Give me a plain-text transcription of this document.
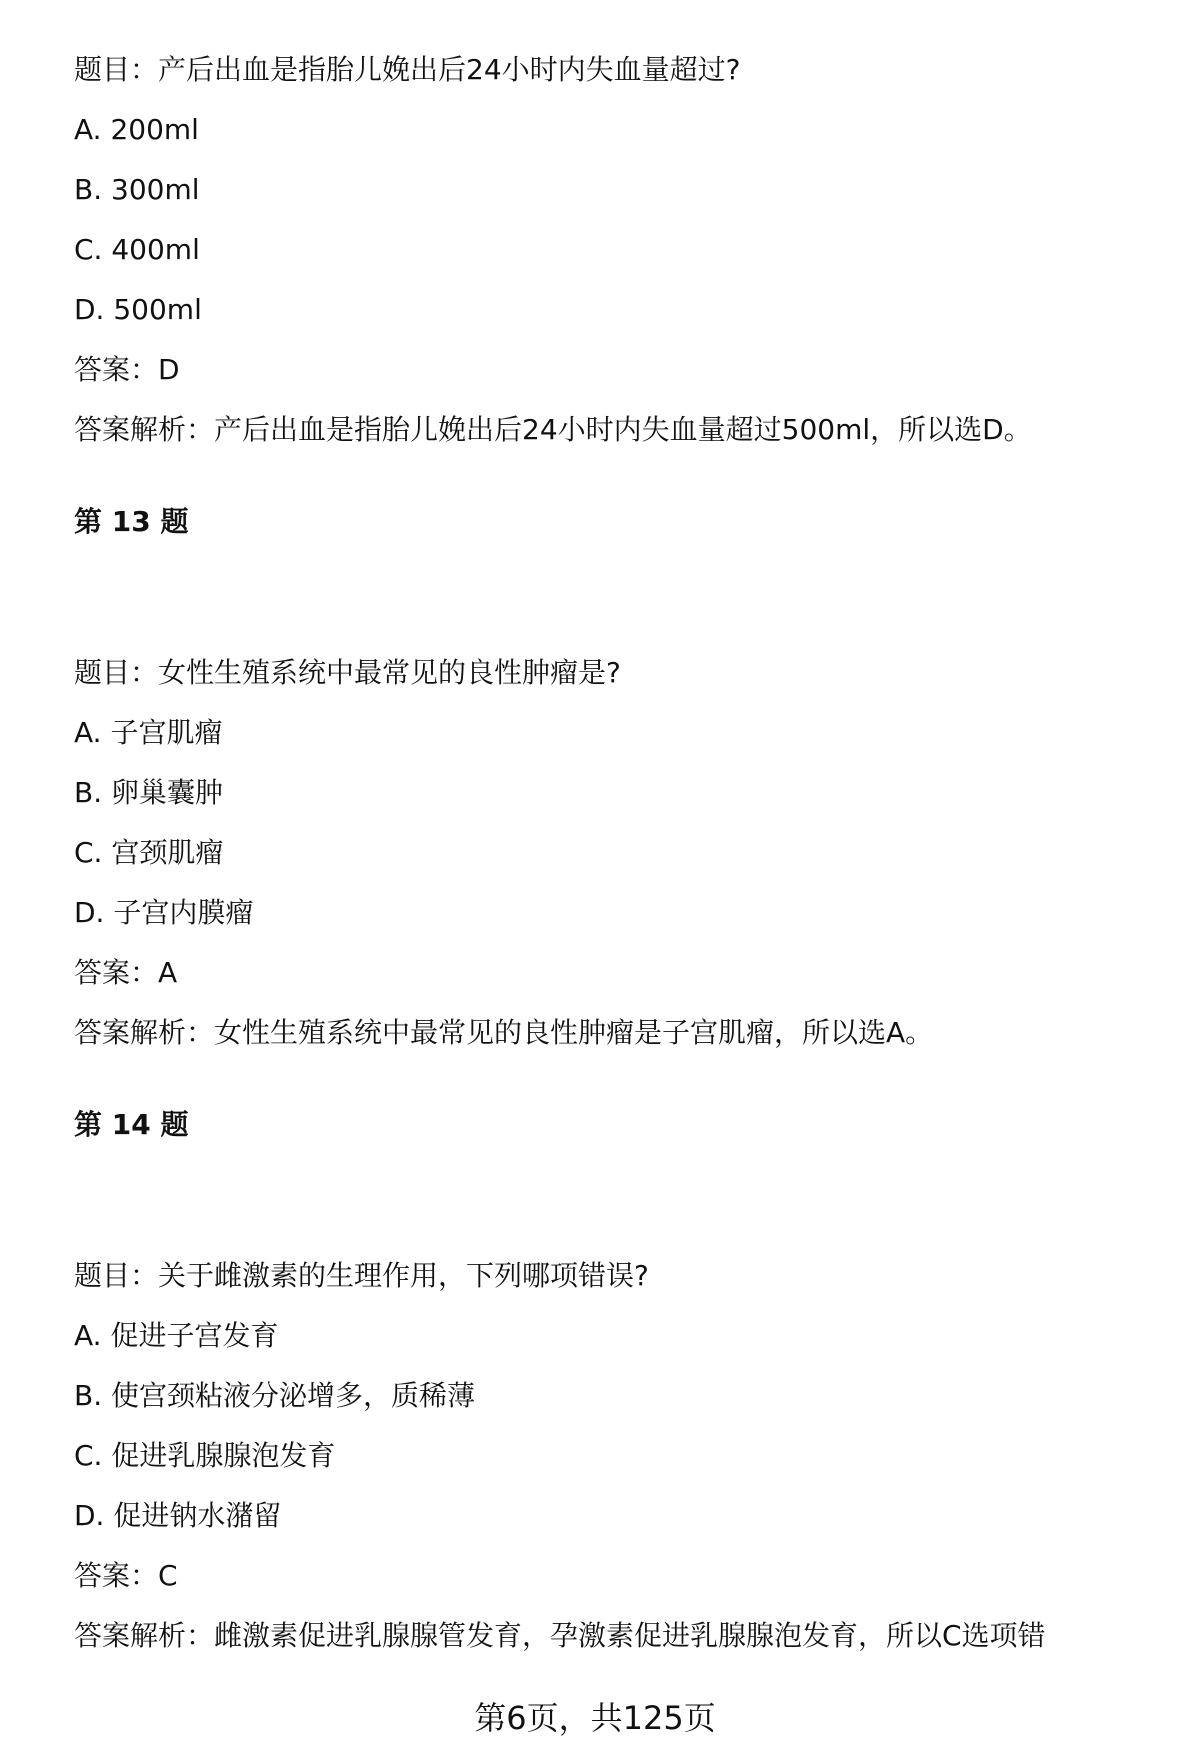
题目：产后出血是指胎儿娩出后24小时内失血量超过?
A. 200ml
B. 300ml
C. 400ml
D. 500ml
答案：D
答案解析：产后出血是指胎儿娩出后24小时内失血量超过500ml，所以选D。
第 13 题
题目：女性生殖系统中最常见的良性肿瘤是?
A. 子宫肌瘤
B. 卵巢囊肿
C. 宫颈肌瘤
D. 子宫内膜瘤
答案：A
答案解析：女性生殖系统中最常见的良性肿瘤是子宫肌瘤，所以选A。
第 14 题
题目：关于雌激素的生理作用，下列哪项错误?
A. 促进子宫发育
B. 使宫颈粘液分泌增多，质稀薄
C. 促进乳腺腺泡发育
D. 促进钠水潴留
答案：C
答案解析：雌激素促进乳腺腺管发育，孕激素促进乳腺腺泡发育，所以C选项错
第6页，共125页
